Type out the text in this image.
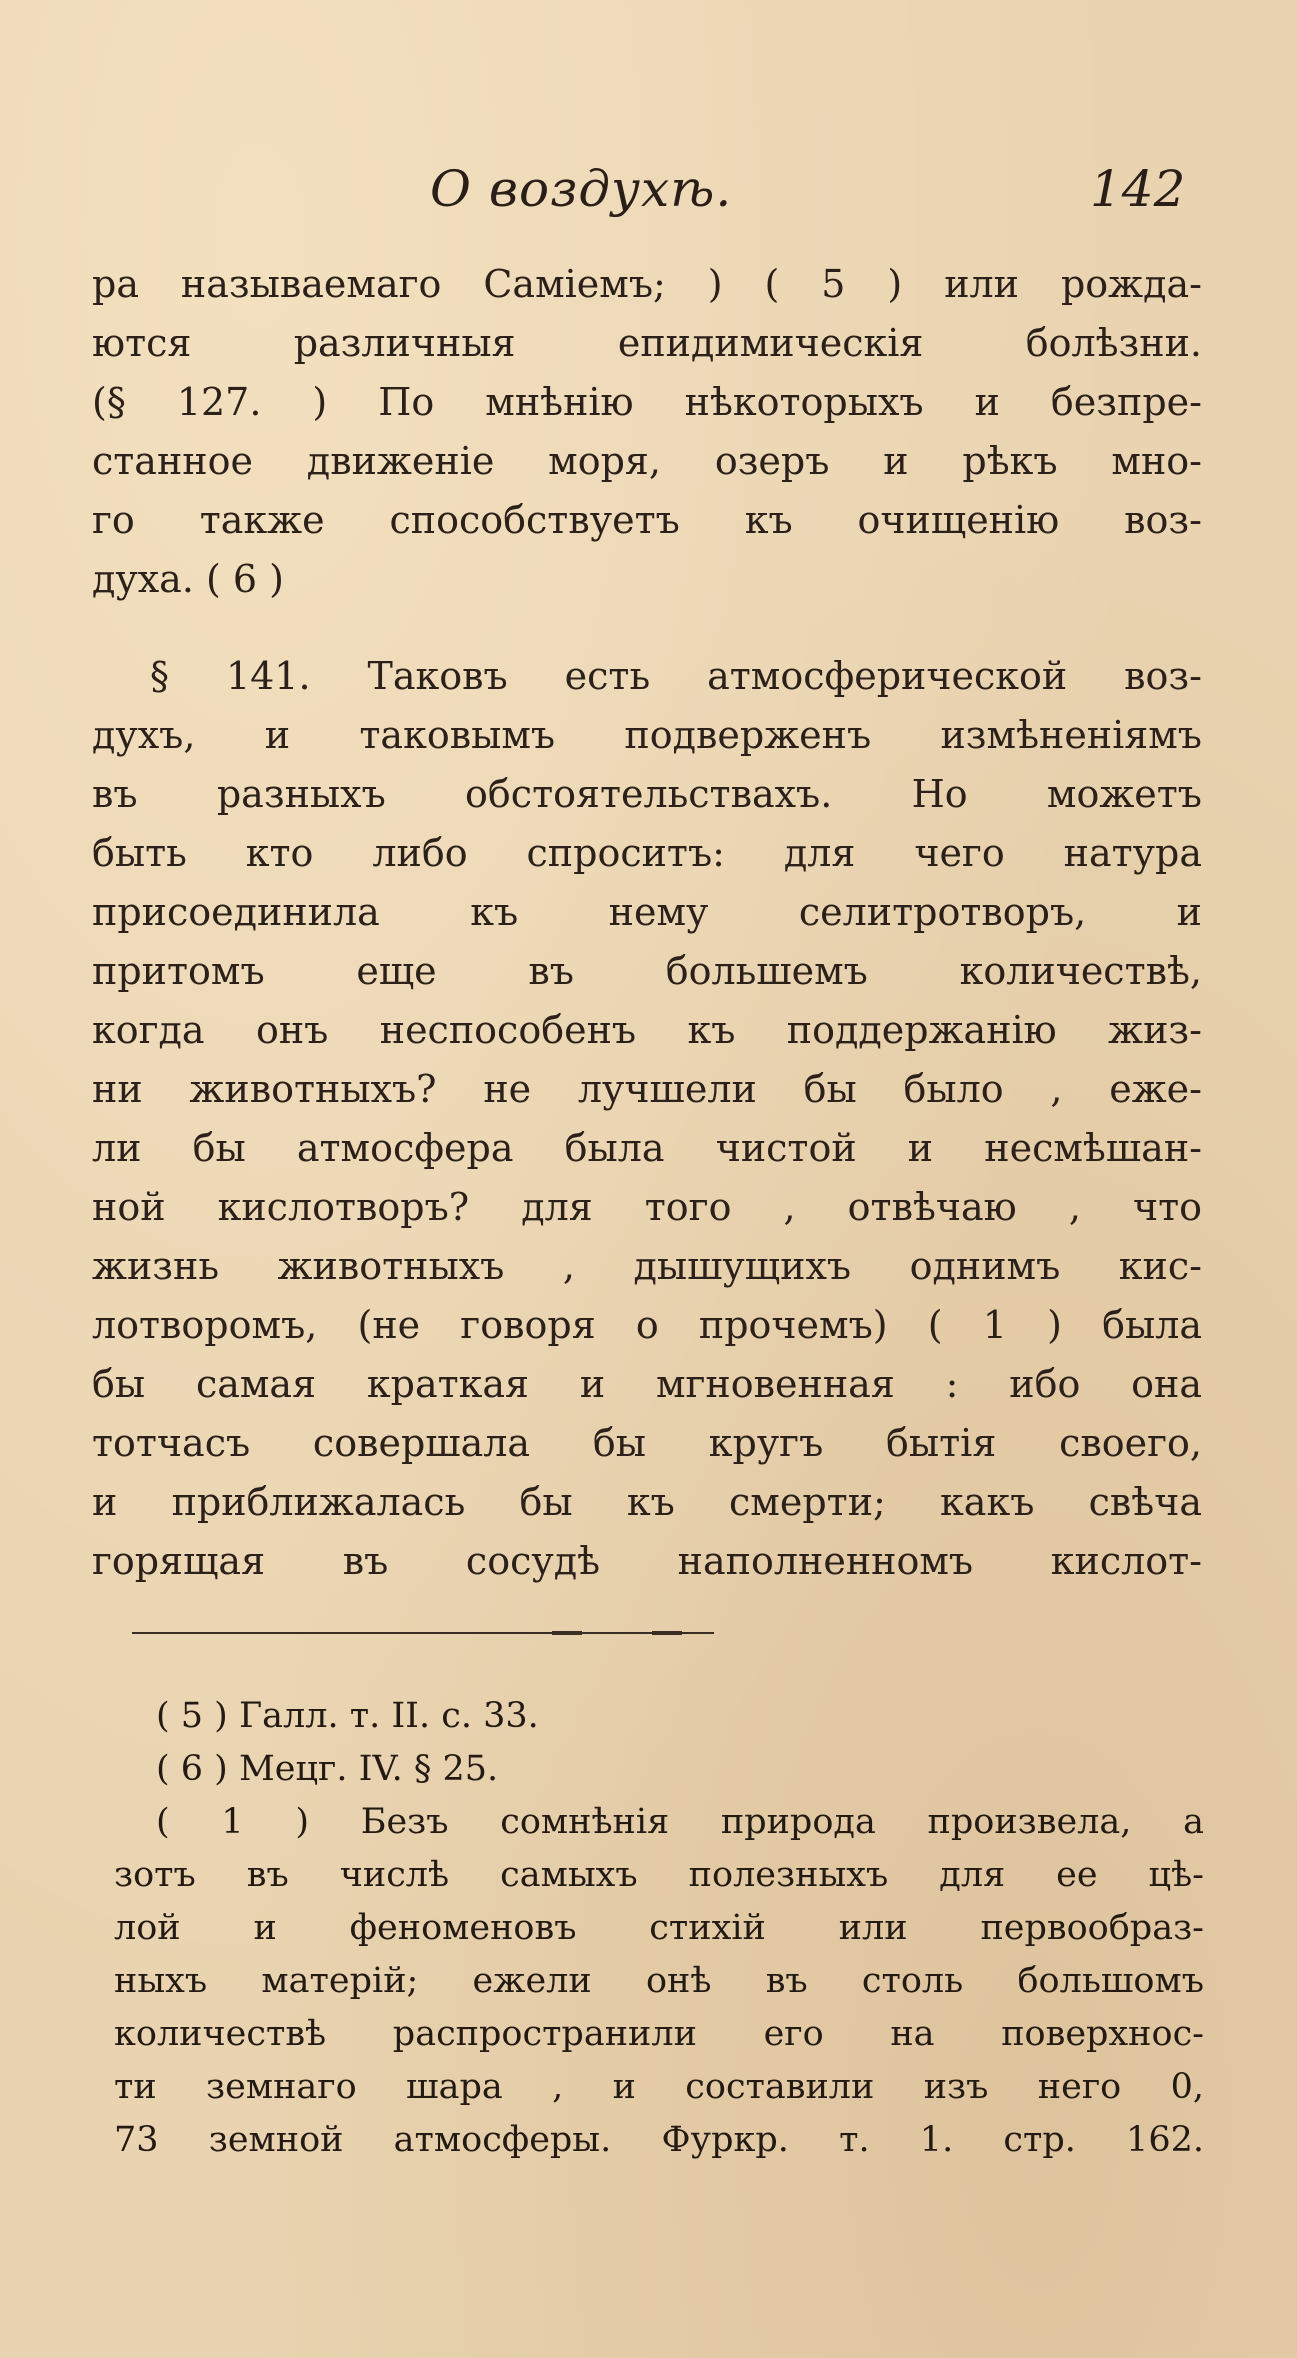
О воздухѣ.	142
ра называемаго Самiемъ; ) ( 5 ) или рожда-
ются различныя епидимическiя болѣзни.
(§ 127. ) По мнѣнiю нѣкоторыхъ и безпре-
станное движенiе моря, озеръ и рѣкъ мно-
го также способствуетъ къ очищенiю воз-
духа. ( 6 )
§ 141. Таковъ есть атмосферической воз-
духъ, и таковымъ подверженъ измѣненiямъ
въ разныхъ обстоятельствахъ. Но можетъ
быть кто либо спроситъ: для чего натура
присоединила къ нему селитротворъ, и
притомъ еще въ большемъ количествѣ,
когда онъ неспособенъ къ поддержанiю жиз-
ни животныхъ? не лучшели бы было , еже-
ли бы атмосфера была чистой и несмѣшан-
ной кислотворъ? для того , отвѣчаю , что
жизнь животныхъ , дышущихъ однимъ кис-
лотворомъ, (не говоря о прочемъ) ( 1 ) была
бы самая краткая и мгновенная : ибо она
тотчасъ совершала бы кругъ бытiя своего,
и приближалась бы къ смерти; какъ свѣча
горящая въ сосудѣ наполненномъ кислот-
( 5 ) Галл. т. II. с. 33.
( 6 ) Мецг. IV. § 25.
( 1 ) Безъ сомнѣнiя природа произвела, а
зотъ въ числѣ самыхъ полезныхъ для ее цѣ-
лой и феноменовъ стихiй или первообраз-
ныхъ матерiй; ежели онѣ въ столь большомъ
количествѣ распространили его на поверхнос-
ти земнаго шара , и составили изъ него 0,
73 земной атмосферы. Фуркр. т. 1. стр. 162.
